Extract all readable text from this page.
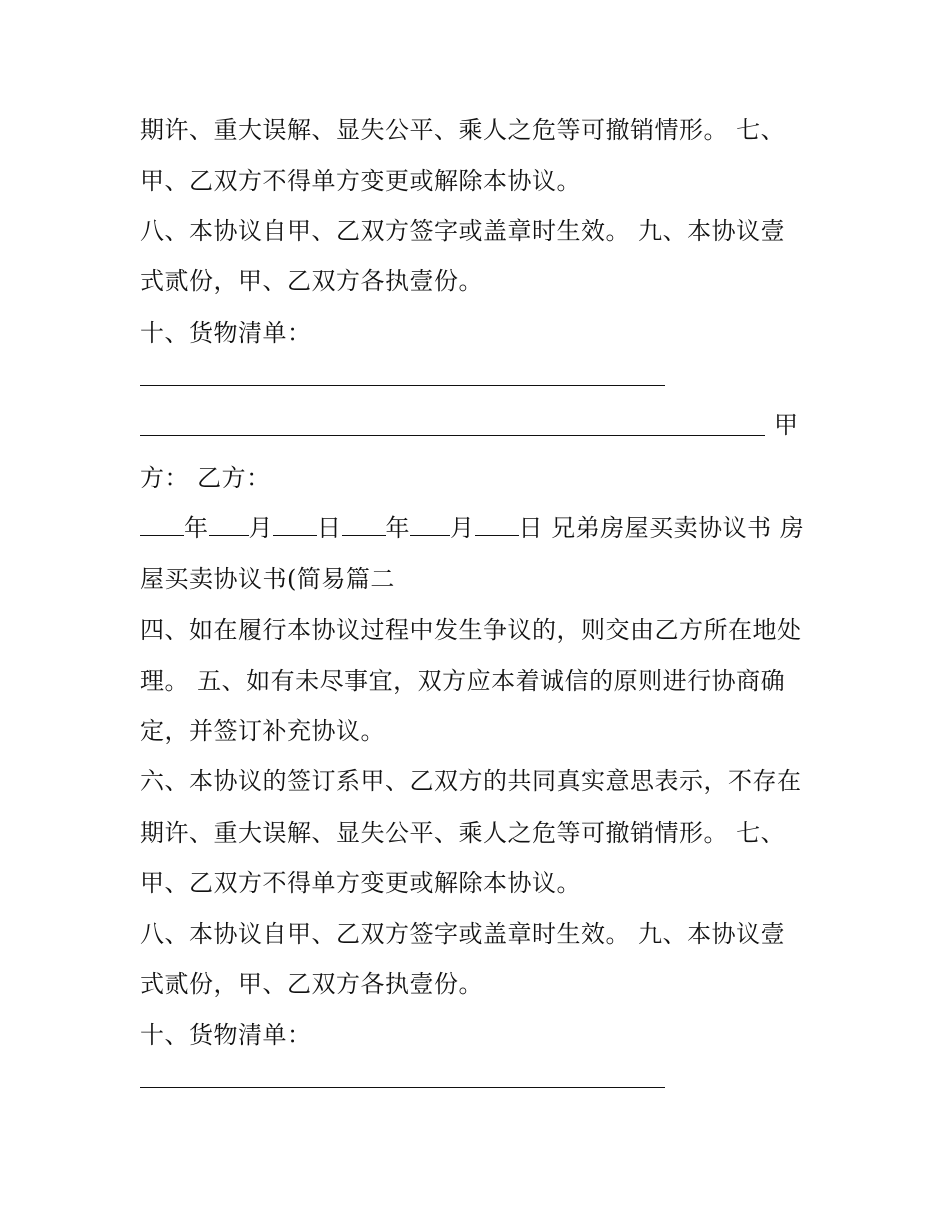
期许、重大误解、显失公平、乘人之危等可撤销情形。 七、
甲、乙双方不得单方变更或解除本协议。
八、本协议自甲、乙双方签字或盖章时生效。 九、本协议壹
式贰份，甲、乙双方各执壹份。
十、货物清单：
甲
方： 乙方：
年 月 日 年 月 日 兄弟房屋买卖协议书 房
屋买卖协议书(简易篇二
四、如在履行本协议过程中发生争议的，则交由乙方所在地处
理。 五、如有未尽事宜，双方应本着诚信的原则进行协商确
定，并签订补充协议。
六、本协议的签订系甲、乙双方的共同真实意思表示，不存在
期许、重大误解、显失公平、乘人之危等可撤销情形。 七、
甲、乙双方不得单方变更或解除本协议。
八、本协议自甲、乙双方签字或盖章时生效。 九、本协议壹
式贰份，甲、乙双方各执壹份。
十、货物清单：
